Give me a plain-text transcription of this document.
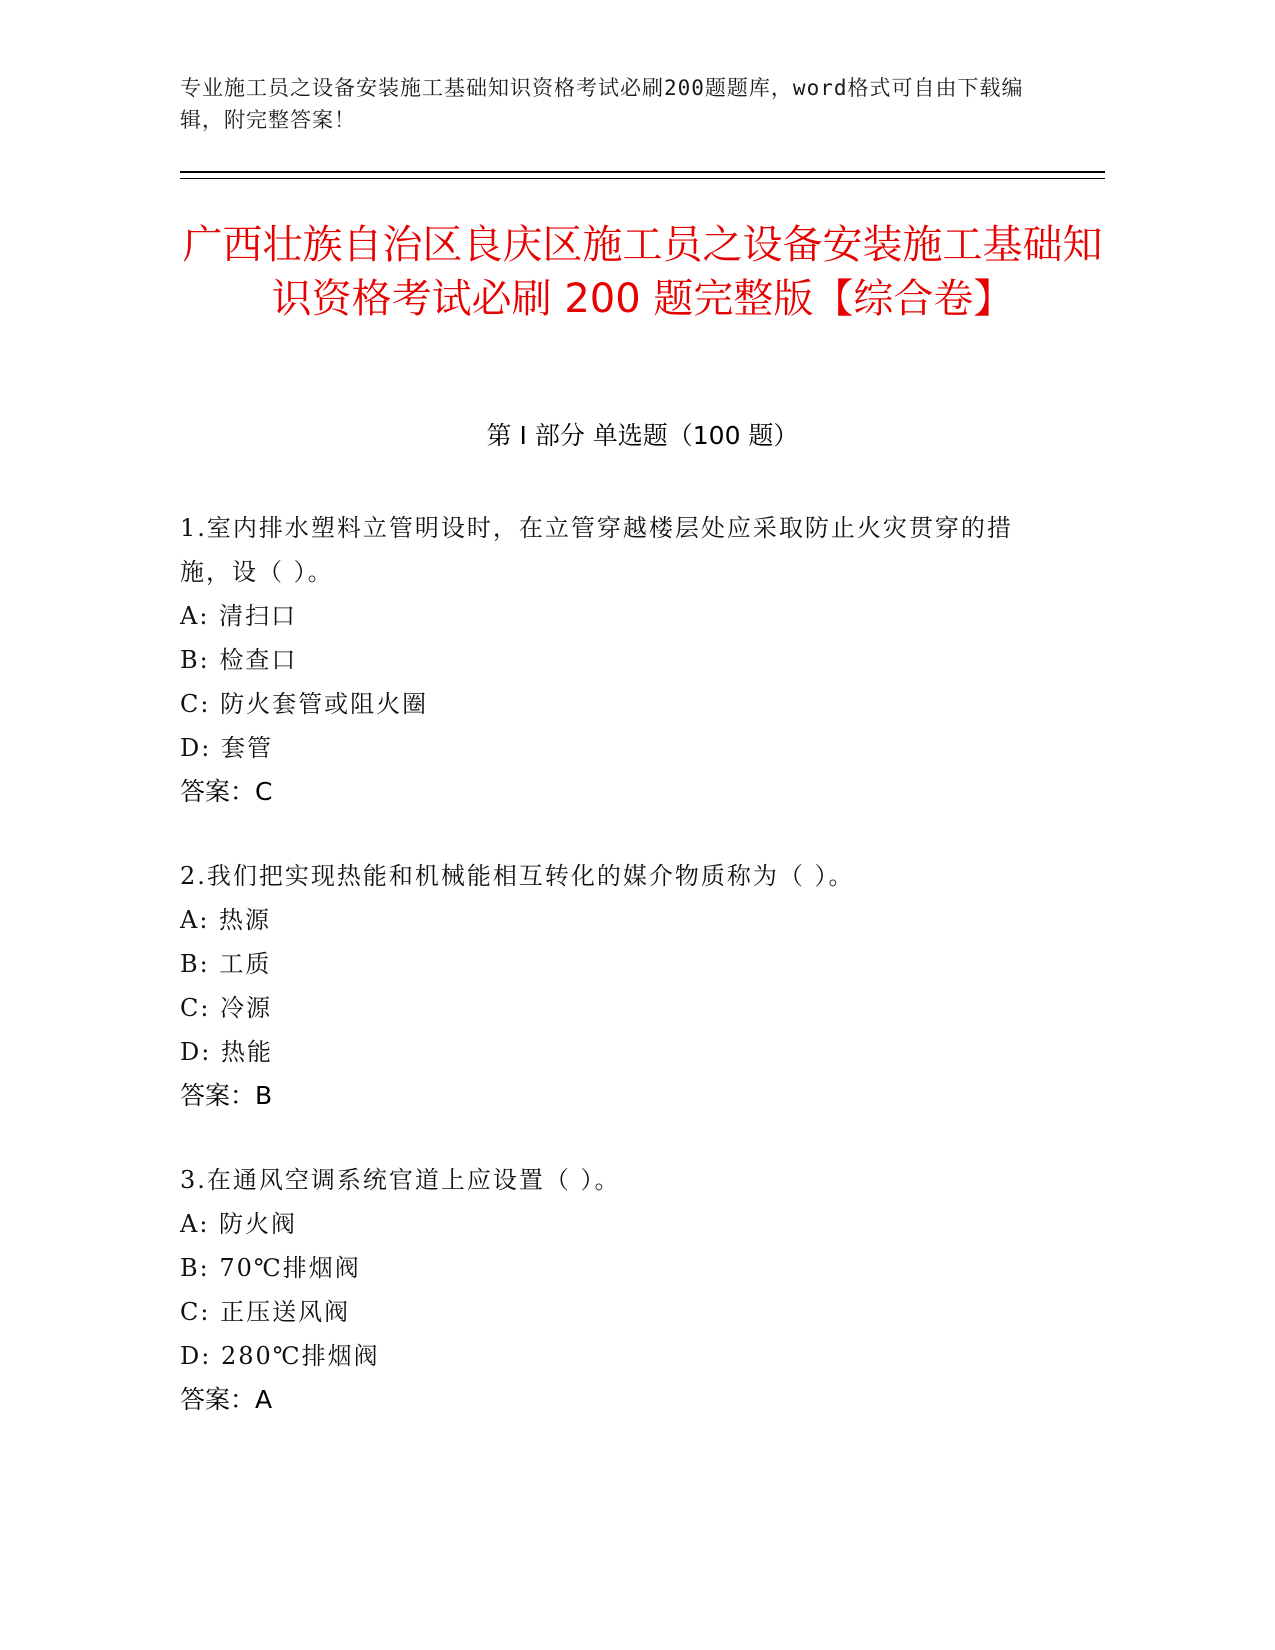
专业施工员之设备安装施工基础知识资格考试必刷200题题库，word格式可自由下载编辑，附完整答案！
广西壮族自治区良庆区施工员之设备安装施工基础知识资格考试必刷 200 题完整版【综合卷】
第 I 部分 单选题（100 题）

1.室内排水塑料立管明设时，在立管穿越楼层处应采取防止火灾贯穿的措施，设（ ）。

A: 清扫口

B: 检查口

C: 防火套管或阻火圈

D: 套管

答案：C

2.我们把实现热能和机械能相互转化的媒介物质称为（ ）。

A: 热源

B: 工质

C: 冷源

D: 热能

答案：B

3.在通风空调系统官道上应设置（ ）。

A: 防火阀

B: 70℃排烟阀

C: 正压送风阀

D: 280℃排烟阀

答案：A
